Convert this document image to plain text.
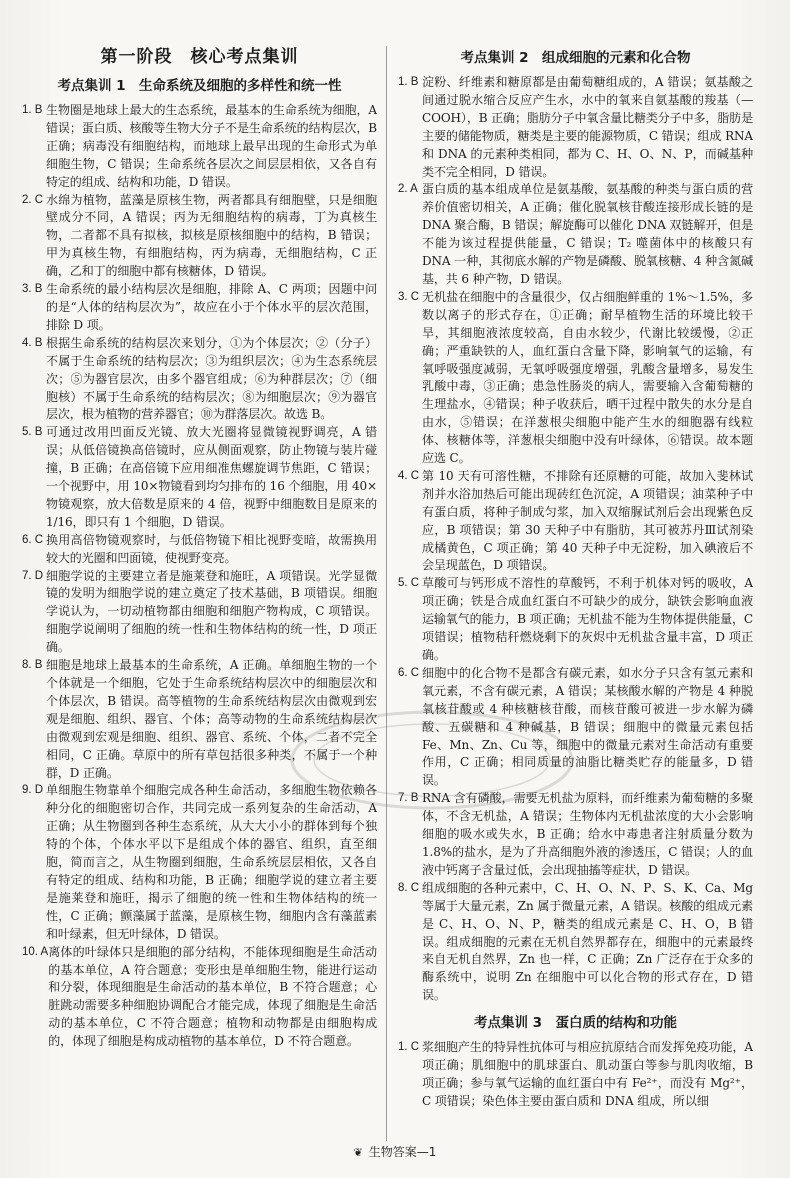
第一阶段　核心考点集训
考点集训 1　生命系统及细胞的多样性和统一性
1. B 生物圈是地球上最大的生态系统，最基本的生命系统为细胞，A 错误；蛋白质、核酸等生物大分子不是生命系统的结构层次，B 正确；病毒没有细胞结构，而地球上最早出现的生命形式为单细胞生物，C 错误；生命系统各层次之间层层相依，又各自有特定的组成、结构和功能，D 错误。
2. C 水绵为植物，蓝藻是原核生物，两者都具有细胞壁，只是细胞壁成分不同，A 错误；丙为无细胞结构的病毒，丁为真核生物，二者都不具有拟核，拟核是原核细胞中的结构，B 错误；甲为真核生物，有细胞结构，丙为病毒，无细胞结构，C 正确，乙和丁的细胞中都有核糖体，D 错误。
3. B 生命系统的最小结构层次是细胞，排除 A、C 两项；因题中问的是“人体的结构层次为”，故应在小于个体水平的层次范围，排除 D 项。
4. B 根据生命系统的结构层次来划分，①为个体层次；②（分子）不属于生命系统的结构层次；③为组织层次；④为生态系统层次；⑤为器官层次，由多个器官组成；⑥为种群层次；⑦（细胞核）不属于生命系统的结构层次；⑧为细胞层次；⑨为器官层次，根为植物的营养器官；⑩为群落层次。故选 B。
5. B 可通过改用凹面反光镜、放大光圈将显微镜视野调亮，A 错误；从低倍镜换高倍镜时，应从侧面观察，防止物镜与装片碰撞，B 正确；在高倍镜下应用细准焦螺旋调节焦距，C 错误；一个视野中，用 10×物镜看到均匀排布的 16 个细胞，用 40×物镜观察，放大倍数是原来的 4 倍，视野中细胞数目是原来的 1/16，即只有 1 个细胞，D 错误。
6. C 换用高倍物镜观察时，与低倍物镜下相比视野变暗，故需换用较大的光圈和凹面镜，使视野变亮。
7. D 细胞学说的主要建立者是施莱登和施旺，A 项错误。光学显微镜的发明为细胞学说的建立奠定了技术基础，B 项错误。细胞学说认为，一切动植物都由细胞和细胞产物构成，C 项错误。细胞学说阐明了细胞的统一性和生物体结构的统一性，D 项正确。
8. B 细胞是地球上最基本的生命系统，A 正确。单细胞生物的一个个体就是一个细胞，它处于生命系统结构层次中的细胞层次和个体层次，B 错误。高等植物的生命系统结构层次由微观到宏观是细胞、组织、器官、个体；高等动物的生命系统结构层次由微观到宏观是细胞、组织、器官、系统、个体，二者不完全相同，C 正确。草原中的所有草包括很多种类，不属于一个种群，D 正确。
9. D 单细胞生物靠单个细胞完成各种生命活动，多细胞生物依赖各种分化的细胞密切合作，共同完成一系列复杂的生命活动，A 正确；从生物圈到各种生态系统，从大大小小的群体到每个独特的个体，个体水平以下是组成个体的器官、组织，直至细胞，简而言之，从生物圈到细胞，生命系统层层相依，又各自有特定的组成、结构和功能，B 正确；细胞学说的建立者主要是施莱登和施旺，揭示了细胞的统一性和生物体结构的统一性，C 正确；颤藻属于蓝藻，是原核生物，细胞内含有藻蓝素和叶绿素，但无叶绿体，D 错误。
10. A 离体的叶绿体只是细胞的部分结构，不能体现细胞是生命活动的基本单位，A 符合题意；变形虫是单细胞生物，能进行运动和分裂，体现细胞是生命活动的基本单位，B 不符合题意；心脏跳动需要多种细胞协调配合才能完成，体现了细胞是生命活动的基本单位，C 不符合题意；植物和动物都是由细胞构成的，体现了细胞是构成动植物的基本单位，D 不符合题意。
考点集训 2　组成细胞的元素和化合物
1. B 淀粉、纤维素和糖原都是由葡萄糖组成的，A 错误；氨基酸之间通过脱水缩合反应产生水，水中的氧来自氨基酸的羧基（—COOH），B 正确；脂肪分子中氧含量比糖类分子中多，脂肪是主要的储能物质，糖类是主要的能源物质，C 错误；组成 RNA 和 DNA 的元素种类相同，都为 C、H、O、N、P，而碱基种类不完全相同，D 错误。
2. A 蛋白质的基本组成单位是氨基酸，氨基酸的种类与蛋白质的营养价值密切相关，A 正确；催化脱氧核苷酸连接形成长链的是 DNA 聚合酶，B 错误；解旋酶可以催化 DNA 双链解开，但是不能为该过程提供能量，C 错误；T₂ 噬菌体中的核酸只有 DNA 一种，其彻底水解的产物是磷酸、脱氧核糖、4 种含氮碱基，共 6 种产物，D 错误。
3. C 无机盐在细胞中的含量很少，仅占细胞鲜重的 1%～1.5%，多数以离子的形式存在，①正确；耐旱植物生活的环境比较干旱，其细胞液浓度较高，自由水较少，代谢比较缓慢，②正确；严重缺铁的人，血红蛋白含量下降，影响氧气的运输，有氧呼吸强度减弱，无氧呼吸强度增强，乳酸含量增多，易发生乳酸中毒，③正确；患急性肠炎的病人，需要输入含葡萄糖的生理盐水，④错误；种子收获后，晒干过程中散失的水分是自由水，⑤错误；在洋葱根尖细胞中能产生水的细胞器有线粒体、核糖体等，洋葱根尖细胞中没有叶绿体，⑥错误。故本题应选 C。
4. C 第 10 天有可溶性糖，不排除有还原糖的可能，故加入斐林试剂并水浴加热后可能出现砖红色沉淀，A 项错误；油菜种子中有蛋白质，将种子制成匀浆，加入双缩脲试剂后会出现紫色反应，B 项错误；第 30 天种子中有脂肪，其可被苏丹Ⅲ试剂染成橘黄色，C 项正确；第 40 天种子中无淀粉，加入碘液后不会呈现蓝色，D 项错误。
5. C 草酸可与钙形成不溶性的草酸钙，不利于机体对钙的吸收，A 项正确；铁是合成血红蛋白不可缺少的成分，缺铁会影响血液运输氧气的能力，B 项正确；无机盐不能为生物体提供能量，C 项错误；植物秸秆燃烧剩下的灰烬中无机盐含量丰富，D 项正确。
6. C 细胞中的化合物不是都含有碳元素，如水分子只含有氢元素和氧元素，不含有碳元素，A 错误；某核酸水解的产物是 4 种脱氧核苷酸或 4 种核糖核苷酸，而核苷酸可被进一步水解为磷酸、五碳糖和 4 种碱基，B 错误；细胞中的微量元素包括 Fe、Mn、Zn、Cu 等，细胞中的微量元素对生命活动有重要作用，C 正确；相同质量的油脂比糖类贮存的能量多，D 错误。
7. B RNA 含有磷酸，需要无机盐为原料，而纤维素为葡萄糖的多聚体，不含无机盐，A 错误；生物体内无机盐浓度的大小会影响细胞的吸水或失水，B 正确；给水中毒患者注射质量分数为1.8%的盐水，是为了升高细胞外液的渗透压，C 错误；人的血液中钙离子含量过低，会出现抽搐等症状，D 错误。
8. C 组成细胞的各种元素中，C、H、O、N、P、S、K、Ca、Mg 等属于大量元素，Zn 属于微量元素，A 错误。核酸的组成元素是 C、H、O、N、P，糖类的组成元素是 C、H、O，B 错误。组成细胞的元素在无机自然界都存在，细胞中的元素最终来自无机自然界，Zn 也一样，C 正确；Zn 广泛存在于众多的酶系统中，说明 Zn 在细胞中可以化合物的形式存在，D 错误。
考点集训 3　蛋白质的结构和功能
1. C 浆细胞产生的特异性抗体可与相应抗原结合而发挥免疫功能，A 项正确；肌细胞中的肌球蛋白、肌动蛋白等参与肌肉收缩，B 项正确；参与氧气运输的血红蛋白中有 Fe²⁺，而没有 Mg²⁺，C 项错误；染色体主要由蛋白质和 DNA 组成，所以细
❦ 生物答案—1
